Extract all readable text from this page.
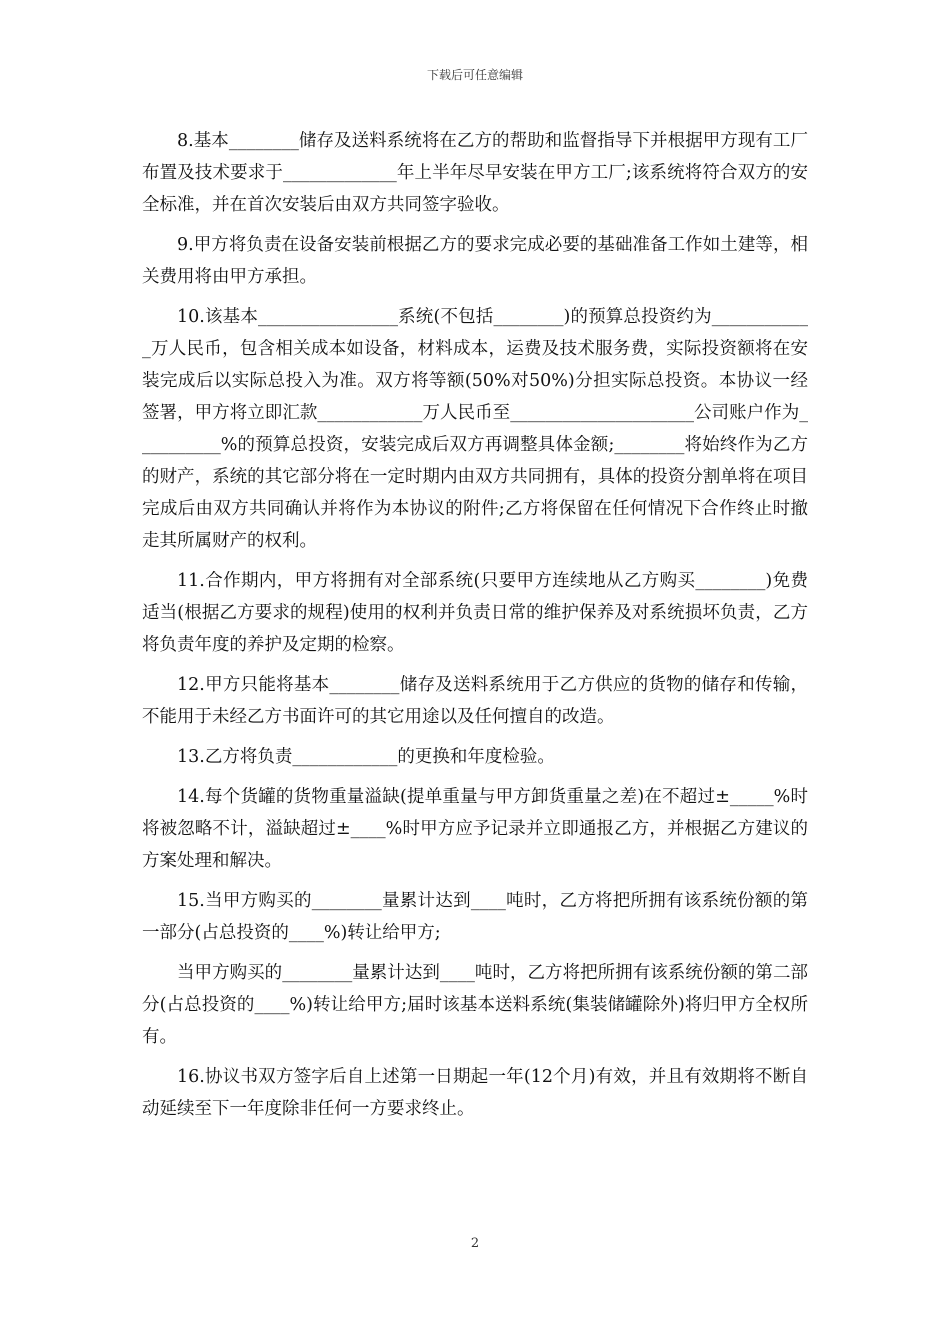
下载后可任意编辑

8.基本________储存及送料系统将在乙方的帮助和监督指导下并根据甲方现有工厂布置及技术要求于_____________年上半年尽早安装在甲方工厂;该系统将符合双方的安全标准，并在首次安装后由双方共同签字验收。

9.甲方将负责在设备安装前根据乙方的要求完成必要的基础准备工作如土建等，相关费用将由甲方承担。

10.该基本________________系统(不包括________)的预算总投资约为____________万人民币，包含相关成本如设备，材料成本，运费及技术服务费，实际投资额将在安装完成后以实际总投入为准。双方将等额(50%对50%)分担实际总投资。本协议一经签署，甲方将立即汇款____________万人民币至_____________________公司账户作为__________%的预算总投资，安装完成后双方再调整具体金额;________将始终作为乙方的财产，系统的其它部分将在一定时期内由双方共同拥有，具体的投资分割单将在项目完成后由双方共同确认并将作为本协议的附件;乙方将保留在任何情况下合作终止时撤走其所属财产的权利。

11.合作期内，甲方将拥有对全部系统(只要甲方连续地从乙方购买________)免费适当(根据乙方要求的规程)使用的权利并负责日常的维护保养及对系统损坏负责，乙方将负责年度的养护及定期的检察。

12.甲方只能将基本________储存及送料系统用于乙方供应的货物的储存和传输，不能用于未经乙方书面许可的其它用途以及任何擅自的改造。

13.乙方将负责____________的更换和年度检验。

14.每个货罐的货物重量溢缺(提单重量与甲方卸货重量之差)在不超过±_____%时将被忽略不计，溢缺超过±____%时甲方应予记录并立即通报乙方，并根据乙方建议的方案处理和解决。

15.当甲方购买的________量累计达到____吨时，乙方将把所拥有该系统份额的第一部分(占总投资的____%)转让给甲方;

当甲方购买的________量累计达到____吨时，乙方将把所拥有该系统份额的第二部分(占总投资的____%)转让给甲方;届时该基本送料系统(集装储罐除外)将归甲方全权所有。

16.协议书双方签字后自上述第一日期起一年(12个月)有效，并且有效期将不断自动延续至下一年度除非任何一方要求终止。

2
